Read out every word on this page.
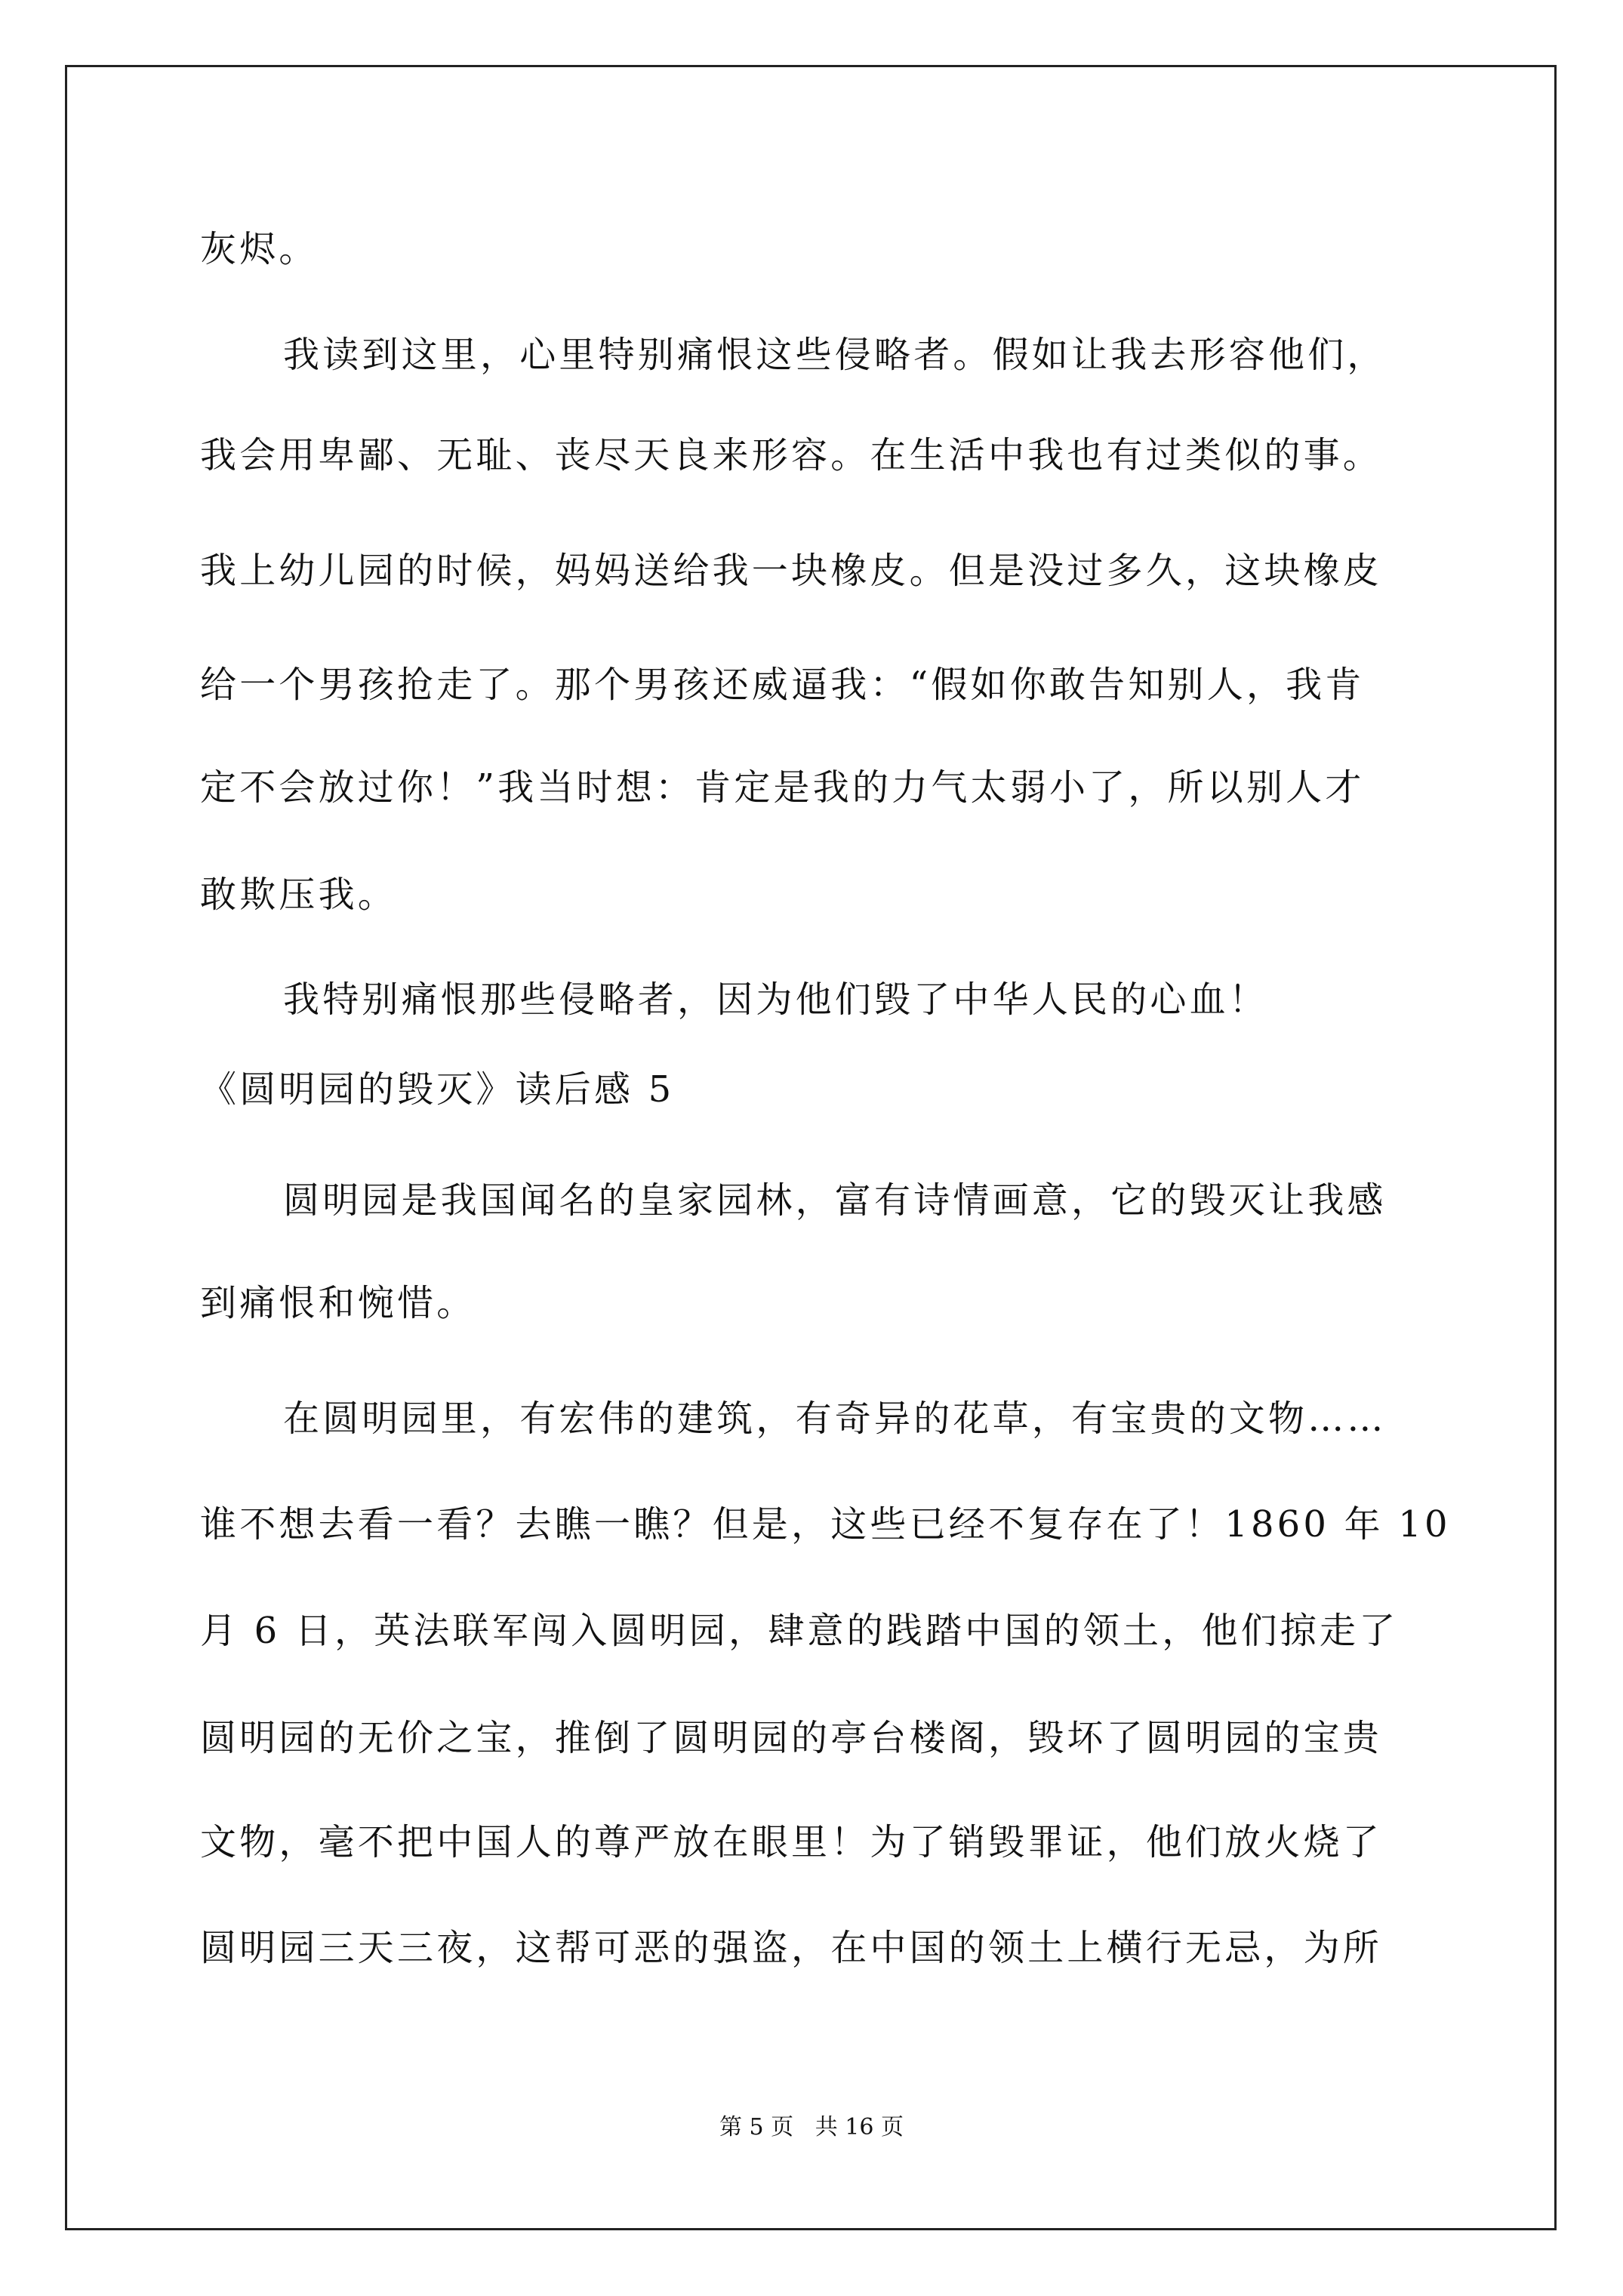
灰烬。
我读到这里，心里特别痛恨这些侵略者。假如让我去形容他们，
我会用卑鄙、无耻、丧尽天良来形容。在生活中我也有过类似的事。
我上幼儿园的时候，妈妈送给我一块橡皮。但是没过多久，这块橡皮
给一个男孩抢走了。那个男孩还威逼我：“假如你敢告知别人，我肯
定不会放过你！”我当时想：肯定是我的力气太弱小了，所以别人才
敢欺压我。
我特别痛恨那些侵略者，因为他们毁了中华人民的心血！
《圆明园的毁灭》读后感 5
圆明园是我国闻名的皇家园林，富有诗情画意，它的毁灭让我感
到痛恨和惋惜。
在圆明园里，有宏伟的建筑，有奇异的花草，有宝贵的文物……
谁不想去看一看？去瞧一瞧？但是，这些已经不复存在了！1860 年 10
月 6 日，英法联军闯入圆明园，肆意的践踏中国的领土，他们掠走了
圆明园的无价之宝，推倒了圆明园的亭台楼阁，毁坏了圆明园的宝贵
文物，毫不把中国人的尊严放在眼里！为了销毁罪证，他们放火烧了
圆明园三天三夜，这帮可恶的强盗，在中国的领土上横行无忌，为所
第 5 页   共 16 页
